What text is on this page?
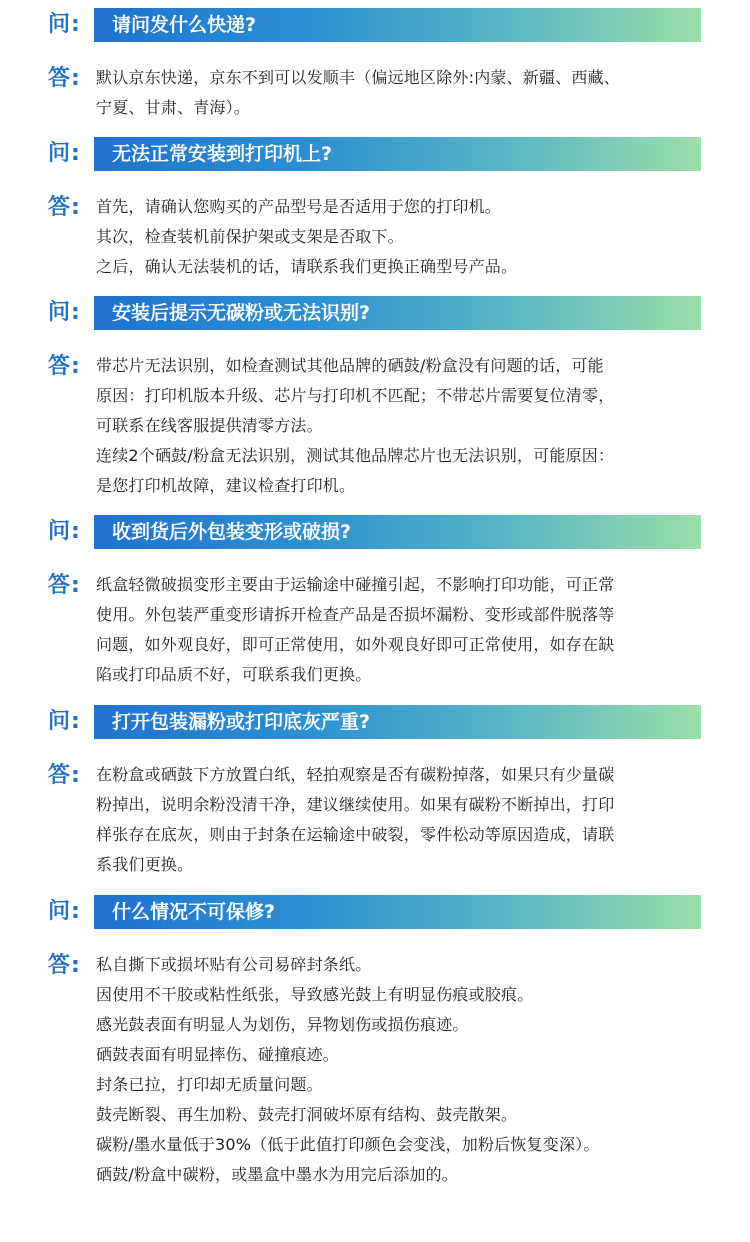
问: 请问发什么快递?
答: 默认京东快递，京东不到可以发顺丰（偏远地区除外:内蒙、新疆、西藏、
宁夏、甘肃、青海）。
问: 无法正常安装到打印机上?
答: 首先，请确认您购买的产品型号是否适用于您的打印机。
其次，检查装机前保护架或支架是否取下。
之后，确认无法装机的话，请联系我们更换正确型号产品。
问: 安装后提示无碳粉或无法识别?
答: 带芯片无法识别，如检查测试其他品牌的硒鼓/粉盒没有问题的话，可能
原因：打印机版本升级、芯片与打印机不匹配；不带芯片需要复位清零，
可联系在线客服提供清零方法。
连续2个硒鼓/粉盒无法识别，测试其他品牌芯片也无法识别，可能原因：
是您打印机故障，建议检查打印机。
问: 收到货后外包装变形或破损?
答: 纸盒轻微破损变形主要由于运输途中碰撞引起，不影响打印功能，可正常
使用。外包装严重变形请拆开检查产品是否损坏漏粉、变形或部件脱落等
问题，如外观良好，即可正常使用，如外观良好即可正常使用，如存在缺
陷或打印品质不好，可联系我们更换。
问: 打开包装漏粉或打印底灰严重?
答: 在粉盒或硒鼓下方放置白纸，轻拍观察是否有碳粉掉落，如果只有少量碳
粉掉出，说明余粉没清干净，建议继续使用。如果有碳粉不断掉出，打印
样张存在底灰，则由于封条在运输途中破裂，零件松动等原因造成，请联
系我们更换。
问: 什么情况不可保修?
答: 私自撕下或损坏贴有公司易碎封条纸。
因使用不干胶或粘性纸张，导致感光鼓上有明显伤痕或胶痕。
感光鼓表面有明显人为划伤，异物划伤或损伤痕迹。
硒鼓表面有明显摔伤、碰撞痕迹。
封条已拉，打印却无质量问题。
鼓壳断裂、再生加粉、鼓壳打洞破坏原有结构、鼓壳散架。
碳粉/墨水量低于30%（低于此值打印颜色会变浅，加粉后恢复变深）。
硒鼓/粉盒中碳粉，或墨盒中墨水为用完后添加的。
